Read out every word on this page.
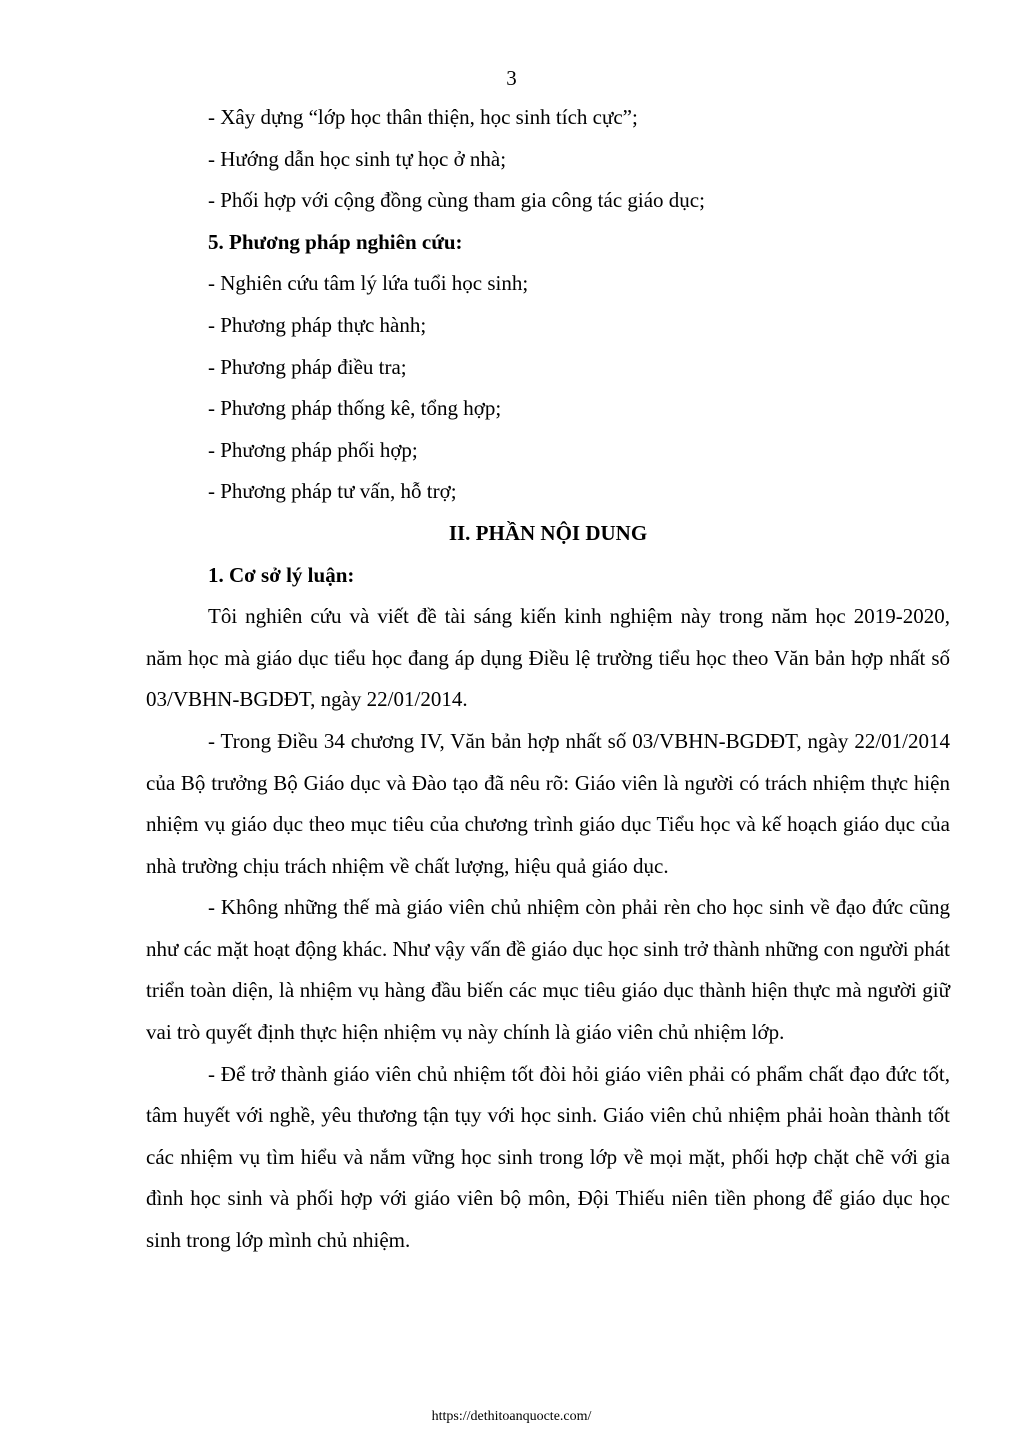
3

- Xây dựng “lớp học thân thiện, học sinh tích cực”;

- Hướng dẫn học sinh tự học ở nhà;

- Phối hợp với cộng đồng cùng tham gia công tác giáo dục;

5. Phương pháp nghiên cứu:

- Nghiên cứu tâm lý lứa tuổi học sinh;

- Phương pháp thực hành;

- Phương pháp điều tra;

- Phương pháp thống kê, tổng hợp;

- Phương pháp phối hợp;

- Phương pháp tư vấn, hỗ trợ;

II. PHẦN NỘI DUNG

1. Cơ sở lý luận:

Tôi nghiên cứu và viết đề tài sáng kiến kinh nghiệm này trong năm học 2019-2020, năm học mà giáo dục tiểu học đang áp dụng Điều lệ trường tiểu học theo Văn bản hợp nhất số 03/VBHN-BGDĐT, ngày 22/01/2014.

- Trong Điều 34 chương IV, Văn bản hợp nhất số 03/VBHN-BGDĐT, ngày 22/01/2014 của Bộ trưởng Bộ Giáo dục và Đào tạo đã nêu rõ: Giáo viên là người có trách nhiệm thực hiện nhiệm vụ giáo dục theo mục tiêu của chương trình giáo dục Tiểu học và kế hoạch giáo dục của nhà trường chịu trách nhiệm về chất lượng, hiệu quả giáo dục.

- Không những thế mà giáo viên chủ nhiệm còn phải rèn cho học sinh về đạo đức cũng như các mặt hoạt động khác. Như vậy vấn đề giáo dục học sinh trở thành những con người phát triển toàn diện, là nhiệm vụ hàng đầu biến các mục tiêu giáo dục thành hiện thực mà người giữ vai trò quyết định thực hiện nhiệm vụ này chính là giáo viên chủ nhiệm lớp.

- Để trở thành giáo viên chủ nhiệm tốt đòi hỏi giáo viên phải có phẩm chất đạo đức tốt, tâm huyết với nghề, yêu thương tận tụy với học sinh. Giáo viên chủ nhiệm phải hoàn thành tốt các nhiệm vụ tìm hiểu và nắm vững học sinh trong lớp về mọi mặt, phối hợp chặt chẽ với gia đình học sinh và phối hợp với giáo viên bộ môn, Đội Thiếu niên tiền phong để giáo dục học sinh trong lớp mình chủ nhiệm.

https://dethitoanquocte.com/
